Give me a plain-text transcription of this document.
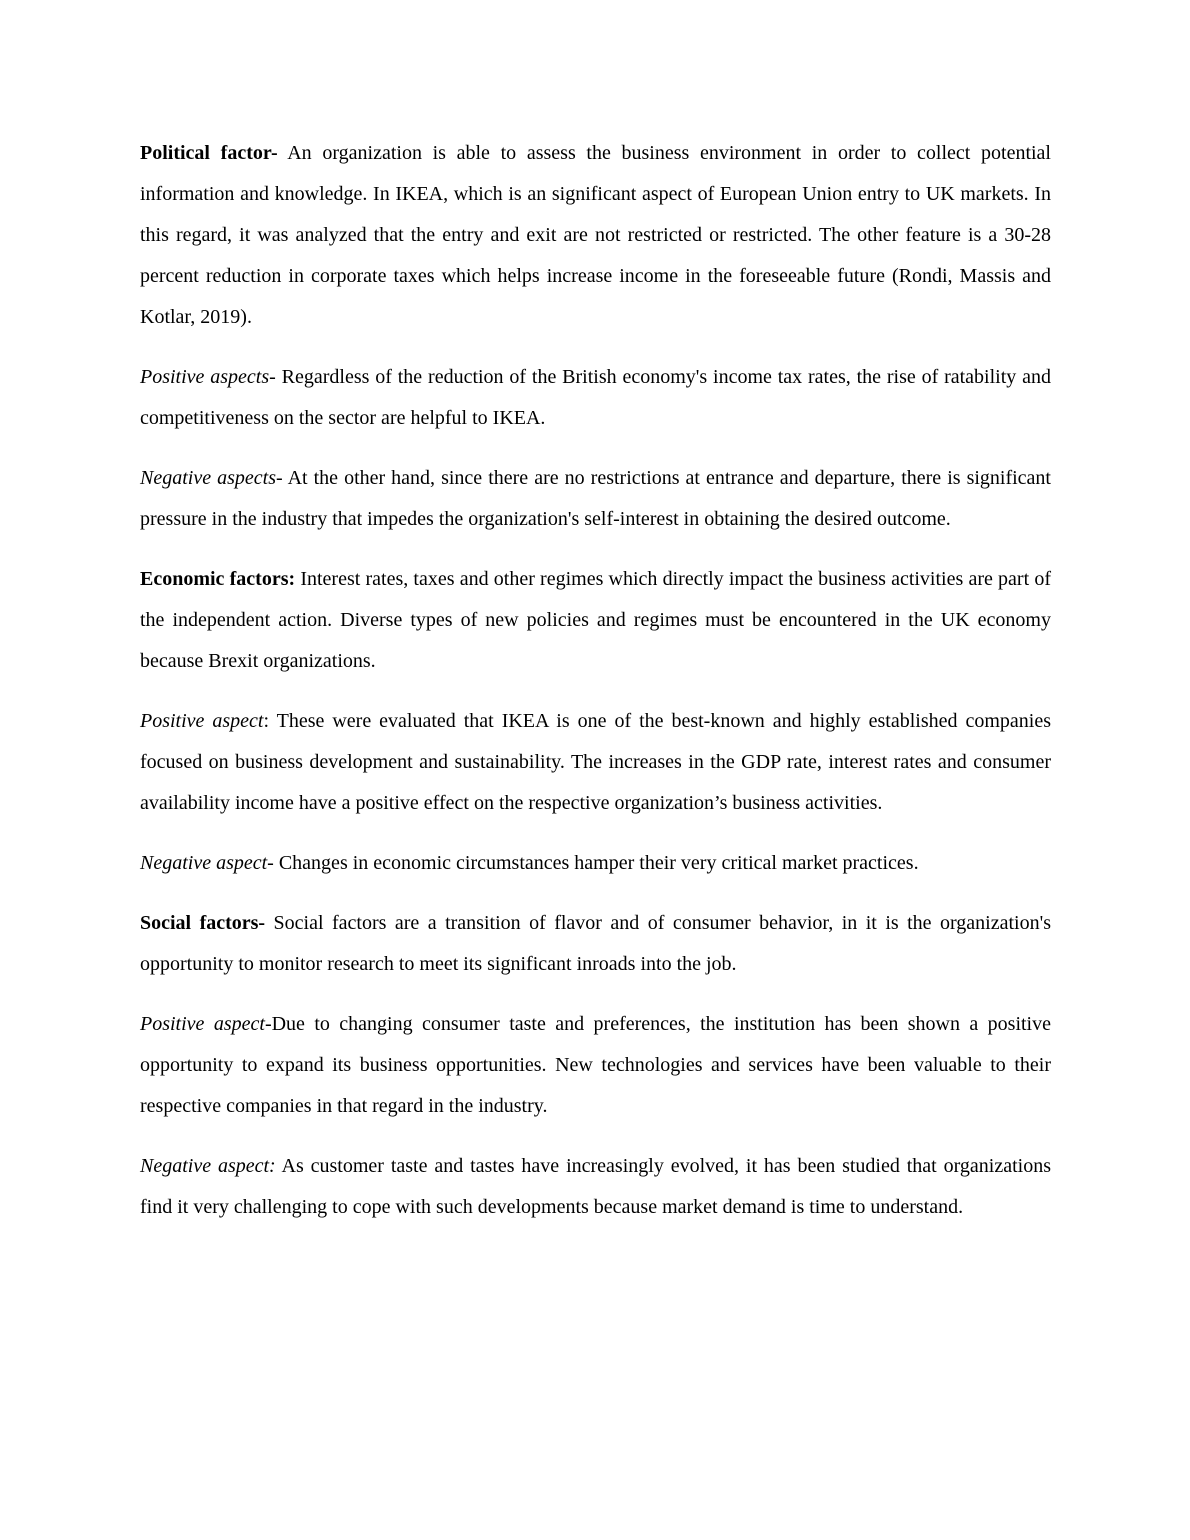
Political factor- An organization is able to assess the business environment in order to collect potential information and knowledge. In IKEA, which is an significant aspect of European Union entry to UK markets. In this regard, it was analyzed that the entry and exit are not restricted or restricted. The other feature is a 30-28 percent reduction in corporate taxes which helps increase income in the foreseeable future (Rondi, Massis and Kotlar, 2019).

Positive aspects- Regardless of the reduction of the British economy's income tax rates, the rise of ratability and competitiveness on the sector are helpful to IKEA.

Negative aspects- At the other hand, since there are no restrictions at entrance and departure, there is significant pressure in the industry that impedes the organization's self-interest in obtaining the desired outcome.

Economic factors: Interest rates, taxes and other regimes which directly impact the business activities are part of the independent action. Diverse types of new policies and regimes must be encountered in the UK economy because Brexit organizations.

Positive aspect: These were evaluated that IKEA is one of the best-known and highly established companies focused on business development and sustainability. The increases in the GDP rate, interest rates and consumer availability income have a positive effect on the respective organization’s business activities.

Negative aspect- Changes in economic circumstances hamper their very critical market practices.

Social factors- Social factors are a transition of flavor and of consumer behavior, in it is the organization's opportunity to monitor research to meet its significant inroads into the job.

Positive aspect-Due to changing consumer taste and preferences, the institution has been shown a positive opportunity to expand its business opportunities. New technologies and services have been valuable to their respective companies in that regard in the industry.

Negative aspect: As customer taste and tastes have increasingly evolved, it has been studied that organizations find it very challenging to cope with such developments because market demand is time to understand.
